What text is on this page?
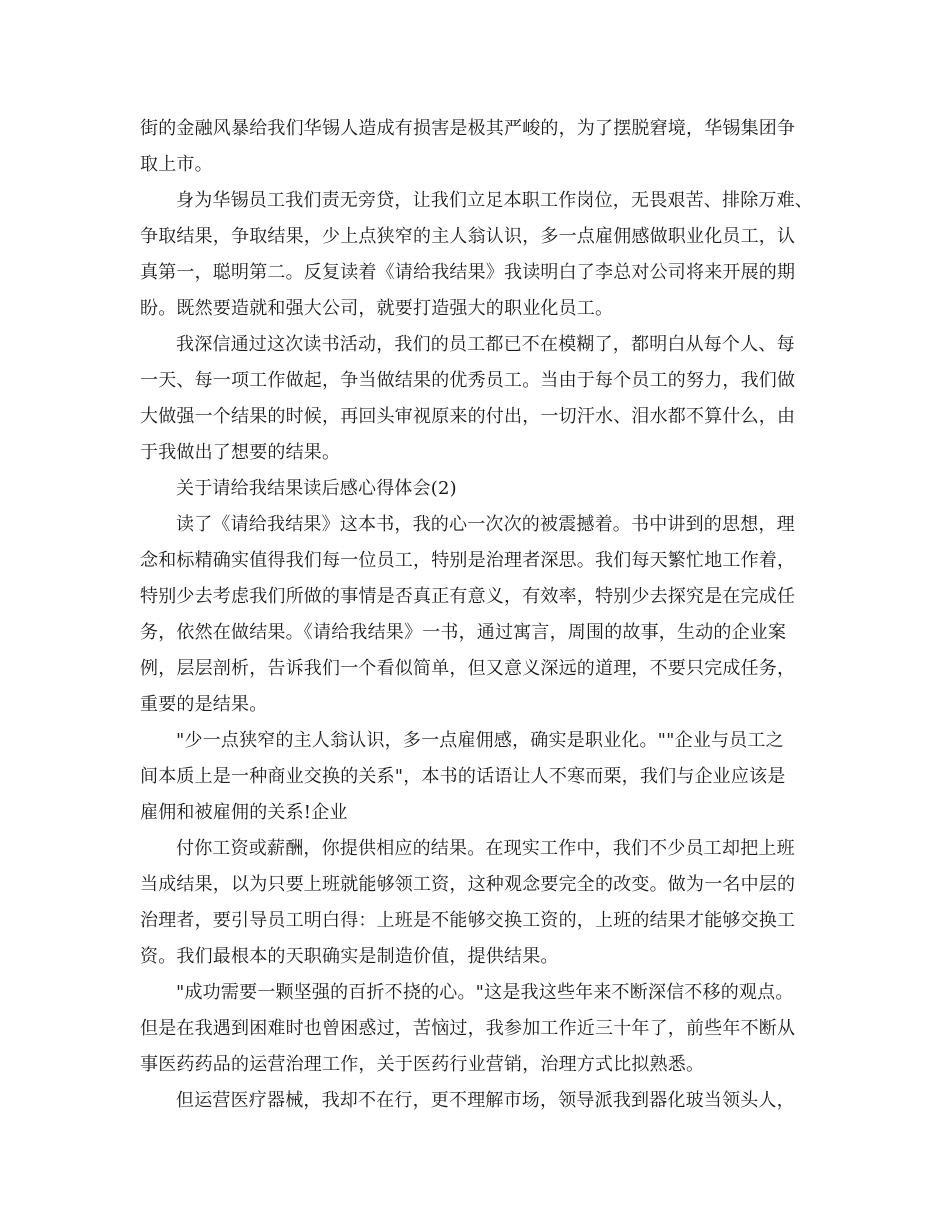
街的金融风暴给我们华锡人造成有损害是极其严峻的，为了摆脱窘境，华锡集团争
取上市。
身为华锡员工我们责无旁贷，让我们立足本职工作岗位，无畏艰苦、排除万难、
争取结果，争取结果，少上点狭窄的主人翁认识，多一点雇佣感做职业化员工，认
真第一，聪明第二。反复读着《请给我结果》我读明白了李总对公司将来开展的期
盼。既然要造就和强大公司，就要打造强大的职业化员工。
我深信通过这次读书活动，我们的员工都已不在模糊了，都明白从每个人、每
一天、每一项工作做起，争当做结果的优秀员工。当由于每个员工的努力，我们做
大做强一个结果的时候，再回头审视原来的付出，一切汗水、泪水都不算什么，由
于我做出了想要的结果。
关于请给我结果读后感心得体会(2)
读了《请给我结果》这本书，我的心一次次的被震撼着。书中讲到的思想，理
念和标精确实值得我们每一位员工，特别是治理者深思。我们每天繁忙地工作着，
特别少去考虑我们所做的事情是否真正有意义，有效率，特别少去探究是在完成任
务，依然在做结果。《请给我结果》一书，通过寓言，周围的故事，生动的企业案
例，层层剖析，告诉我们一个看似简单，但又意义深远的道理，不要只完成任务，
重要的是结果。
"少一点狭窄的主人翁认识，多一点雇佣感，确实是职业化。""企业与员工之
间本质上是一种商业交换的关系"，本书的话语让人不寒而栗，我们与企业应该是
雇佣和被雇佣的关系!企业
付你工资或薪酬，你提供相应的结果。在现实工作中，我们不少员工却把上班
当成结果，以为只要上班就能够领工资，这种观念要完全的改变。做为一名中层的
治理者，要引导员工明白得：上班是不能够交换工资的，上班的结果才能够交换工
资。我们最根本的天职确实是制造价值，提供结果。
"成功需要一颗坚强的百折不挠的心。"这是我这些年来不断深信不移的观点。
但是在我遇到困难时也曾困惑过，苦恼过，我参加工作近三十年了，前些年不断从
事医药药品的运营治理工作，关于医药行业营销，治理方式比拟熟悉。
但运营医疗器械，我却不在行，更不理解市场，领导派我到器化玻当领头人，
